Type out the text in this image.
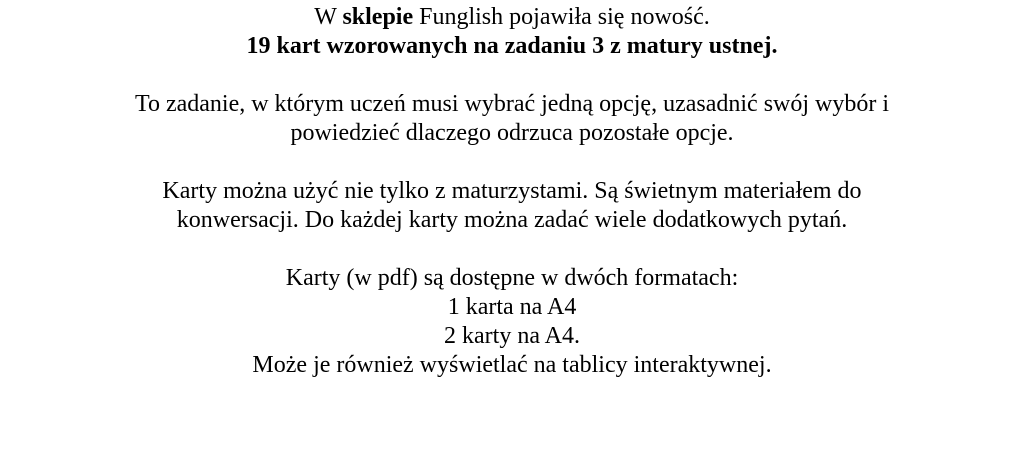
W sklepie Funglish pojawiła się nowość.
19 kart wzorowanych na zadaniu 3 z matury ustnej.

To zadanie, w którym uczeń musi wybrać jedną opcję, uzasadnić swój wybór i
powiedzieć dlaczego odrzuca pozostałe opcje.

Karty można użyć nie tylko z maturzystami. Są świetnym materiałem do
konwersacji. Do każdej karty można zadać wiele dodatkowych pytań.

Karty (w pdf) są dostępne w dwóch formatach:
1 karta na A4
2 karty na A4.
Może je również wyświetlać na tablicy interaktywnej.
